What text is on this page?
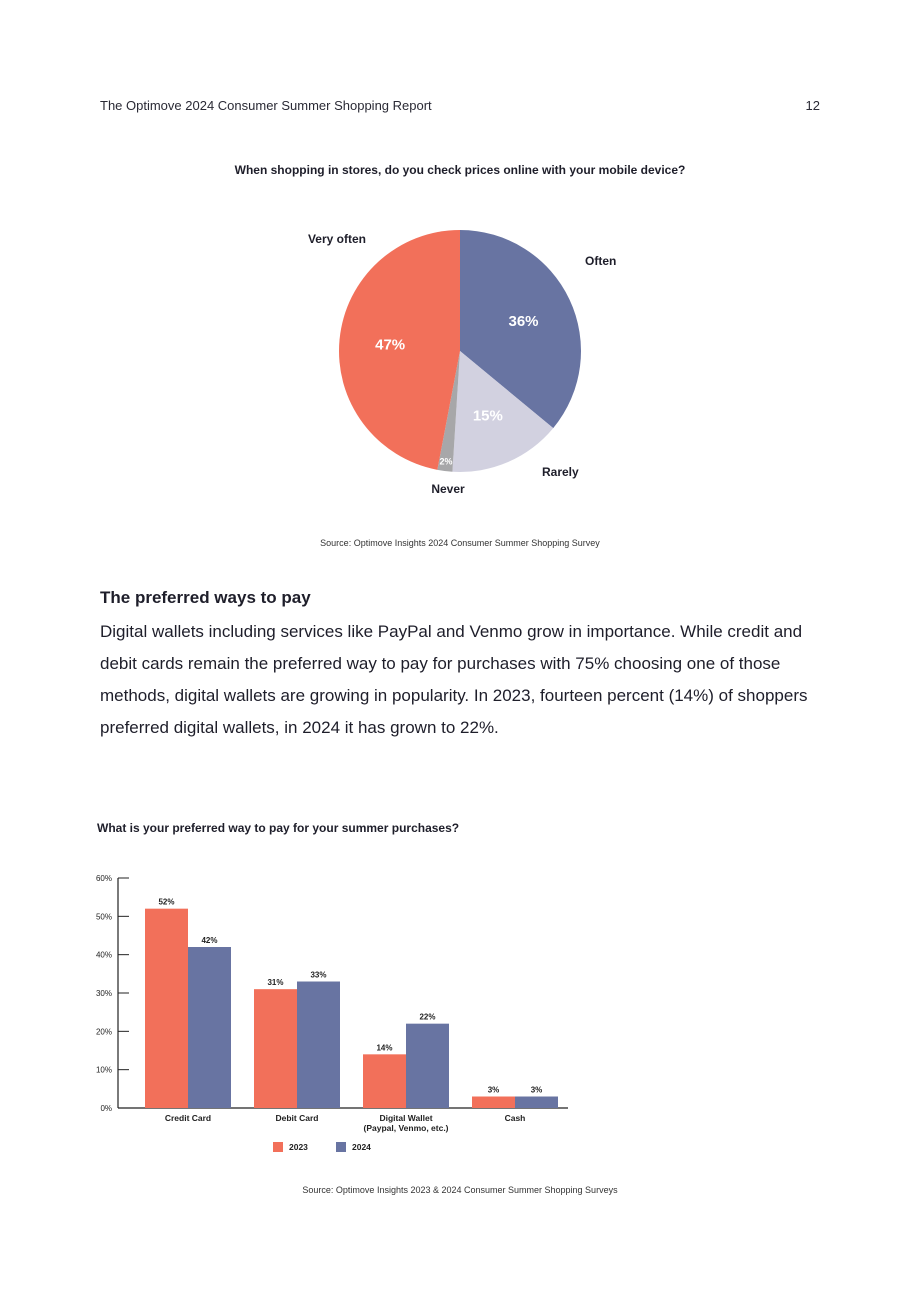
The Optimove 2024 Consumer Summer Shopping Report	12
When shopping in stores, do you check prices online with your mobile device?
36%
Often
15%
Rarely
2%
Never
47%
Very often
Source: Optimove Insights 2024 Consumer Summer Shopping Survey
The preferred ways to pay

Digital wallets including services like PayPal and Venmo grow in importance. While credit and debit cards remain the preferred way to pay for purchases with 75% choosing one of those methods, digital wallets are growing in popularity. In 2023, fourteen percent (14%) of shoppers preferred digital wallets, in 2024 it has grown to 22%.

What is your preferred way to pay for your summer purchases?
0%
10%
20%
30%
40%
50%
60%
52%
42%
Credit Card
31%
33%
Debit Card
14%
22%
Digital Wallet
(Paypal, Venmo, etc.)
3%	3%
Cash
2023	2024
Source: Optimove Insights 2023 & 2024 Consumer Summer Shopping Surveys
